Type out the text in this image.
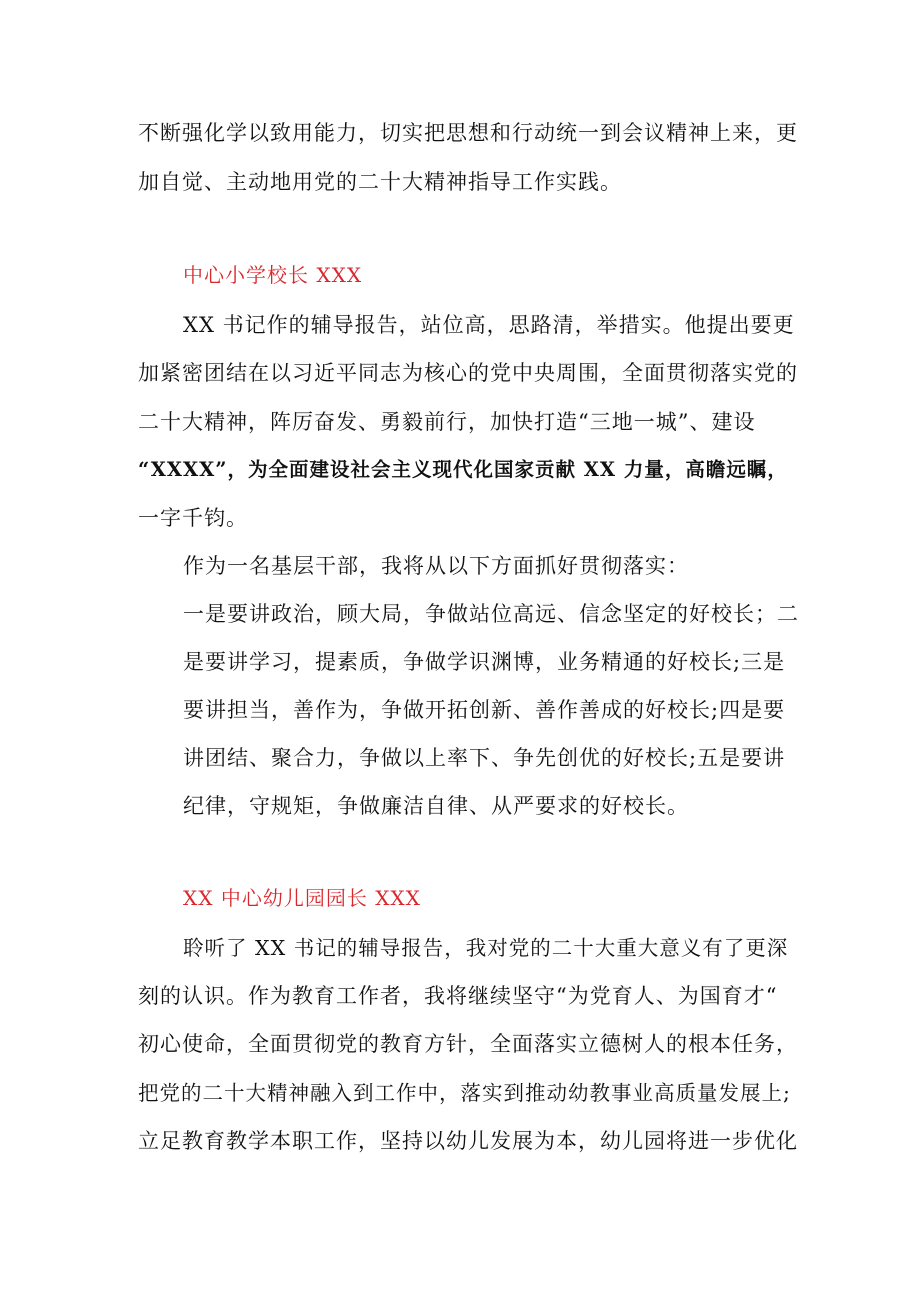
不断强化学以致用能力，切实把思想和行动统一到会议精神上来，更
加自觉、主动地用党的二十大精神指导工作实践。
中心小学校长 XXX
XX 书记作的辅导报告，站位高，思路清，举措实。他提出要更
加紧密团结在以习近平同志为核心的党中央周围，全面贯彻落实党的
二十大精神，阵厉奋发、勇毅前行，加快打造“三地一城”、建设
“XXXX”，为全面建设社会主义现代化国家贡献 XX 力量，高瞻远瞩，
一字千钧。
作为一名基层干部，我将从以下方面抓好贯彻落实：
一是要讲政治，顾大局，争做站位高远、信念坚定的好校长；二
是要讲学习，提素质，争做学识渊博，业务精通的好校长;三是
要讲担当，善作为，争做开拓创新、善作善成的好校长;四是要
讲团结、聚合力，争做以上率下、争先创优的好校长;五是要讲
纪律，守规矩，争做廉洁自律、从严要求的好校长。
XX 中心幼儿园园长 XXX
聆听了 XX 书记的辅导报告，我对党的二十大重大意义有了更深
刻的认识。作为教育工作者，我将继续坚守“为党育人、为国育才“
初心使命，全面贯彻党的教育方针，全面落实立德树人的根本任务，
把党的二十大精神融入到工作中，落实到推动幼教事业高质量发展上;
立足教育教学本职工作，坚持以幼儿发展为本，幼儿园将进一步优化
